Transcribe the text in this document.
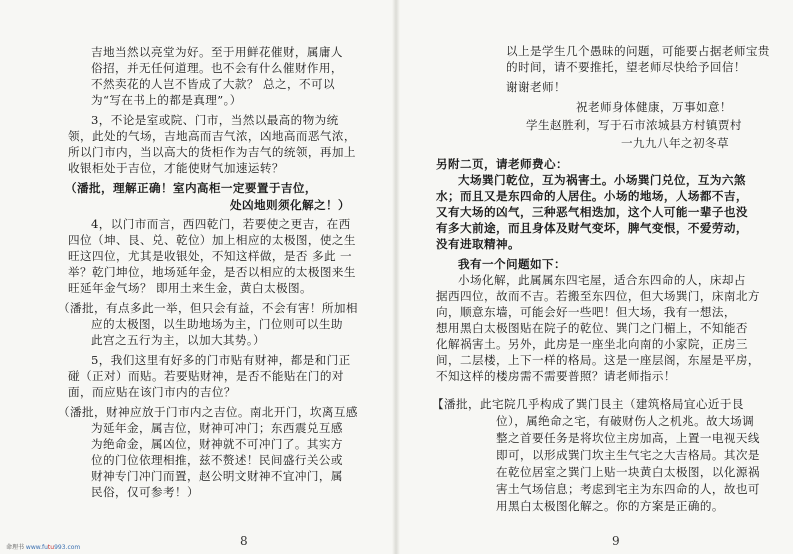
吉地当然以亮堂为好。至于用鲜花催财，属庸人

俗招，并无任何道理。也不会有什么催财作用，

不然卖花的人岂不皆成了大款？ 总之，不可以

为“写在书上的都是真理”。）

3，不论是室或院、门市，当然以最高的物为统

领，此处的气场，吉地高而吉气浓，凶地高而恶气浓，

所以门市内，当以高大的货柜作为吉气的统领，再加上

收银柜处于吉位，才能使财气加速运转？

（潘批，理解正确！室内高柜一定要置于吉位，

处凶地则须化解之！）

4，以门市而言，西四乾门，若要使之更吉，在西

四位（坤、艮、兑、乾位）加上相应的太极图，使之生

旺这四位，尤其是收银处，不知这样做，是否 多此 一

举？乾门坤位，地场延年金，是否以相应的太极图来生

旺延年金气场？ 即用土来生金，黄白太极图。

（潘批，有点多此一举，但只会有益，不会有害！所加相

应的太极图，以生助地场为主，门位则可以生助

此宫之五行为主，以加大其势。）

5，我们这里有好多的门市贴有财神，都是和门正

碰（正对）而贴。若要贴财神，是否不能贴在门的对

面，而应贴在该门市内的吉位？

（潘批，财神应放于门市内之吉位。南北开门，坎离互感

为延年金，属吉位，财神可冲门；东西震兑互感

为绝命金，属凶位，财神就不可冲门了。其实方

位的门位依理相推，兹不赘述！民间盛行关公或

财神专门冲门而置，赵公明文财神不宜冲门，属

民俗，仅可参考！）

8

以上是学生几个愚昧的问题，可能要占据老师宝贵

的时间，请不要推托，望老师尽快给予回信！

谢谢老师！

祝老师身体健康，万事如意！

学生赵胜利，写于石市浓城县方村镇贾村

一九九八年之初冬草

另附二页，请老师费心：

大场巽门乾位，互为祸害土。小场巽门兑位，互为六煞

水；而且又是东四命的人居住。小场的地场，人场都不吉，

又有大场的凶气，三种恶气相迭加，这个人可能一辈子也没

有多大前途，而且身体及财气变坏，脾气变恨，不爱劳动，

没有进取精神。

我有一个问题如下：

小场化解，此属属东四宅屋，适合东四命的人，床却占

据西四位，故而不吉。若搬至东四位，但大场巽门，床南北方

向，顺意东墙，可能会好一些吧！但大场，我有一想法，

想用黑白太极图贴在院子的乾位、巽门之门楣上，不知能否

化解祸害土。另外，此房是一座坐北向南的小家院，正房三

间，二层楼，上下一样的格局。这是一座层阁，东屋是平房，

不知这样的楼房需不需要普照？请老师指示！

【潘批，此宅院几乎构成了巽门艮主（建筑格局宜心近于艮

位），属绝命之宅，有破财伤人之机兆。故大场调

整之首要任务是将坎位主房加高，上置一电视天线

即可，以形成巽门坎主生气宅之大吉格局。其次是

在乾位居室之巽门上贴一块黄白太极图，以化源祸

害土气场信息；考虑到宅主为东四命的人，故也可

用黑白太极图化解之。你的方案是正确的。

9
命理书 www.futu993.com
